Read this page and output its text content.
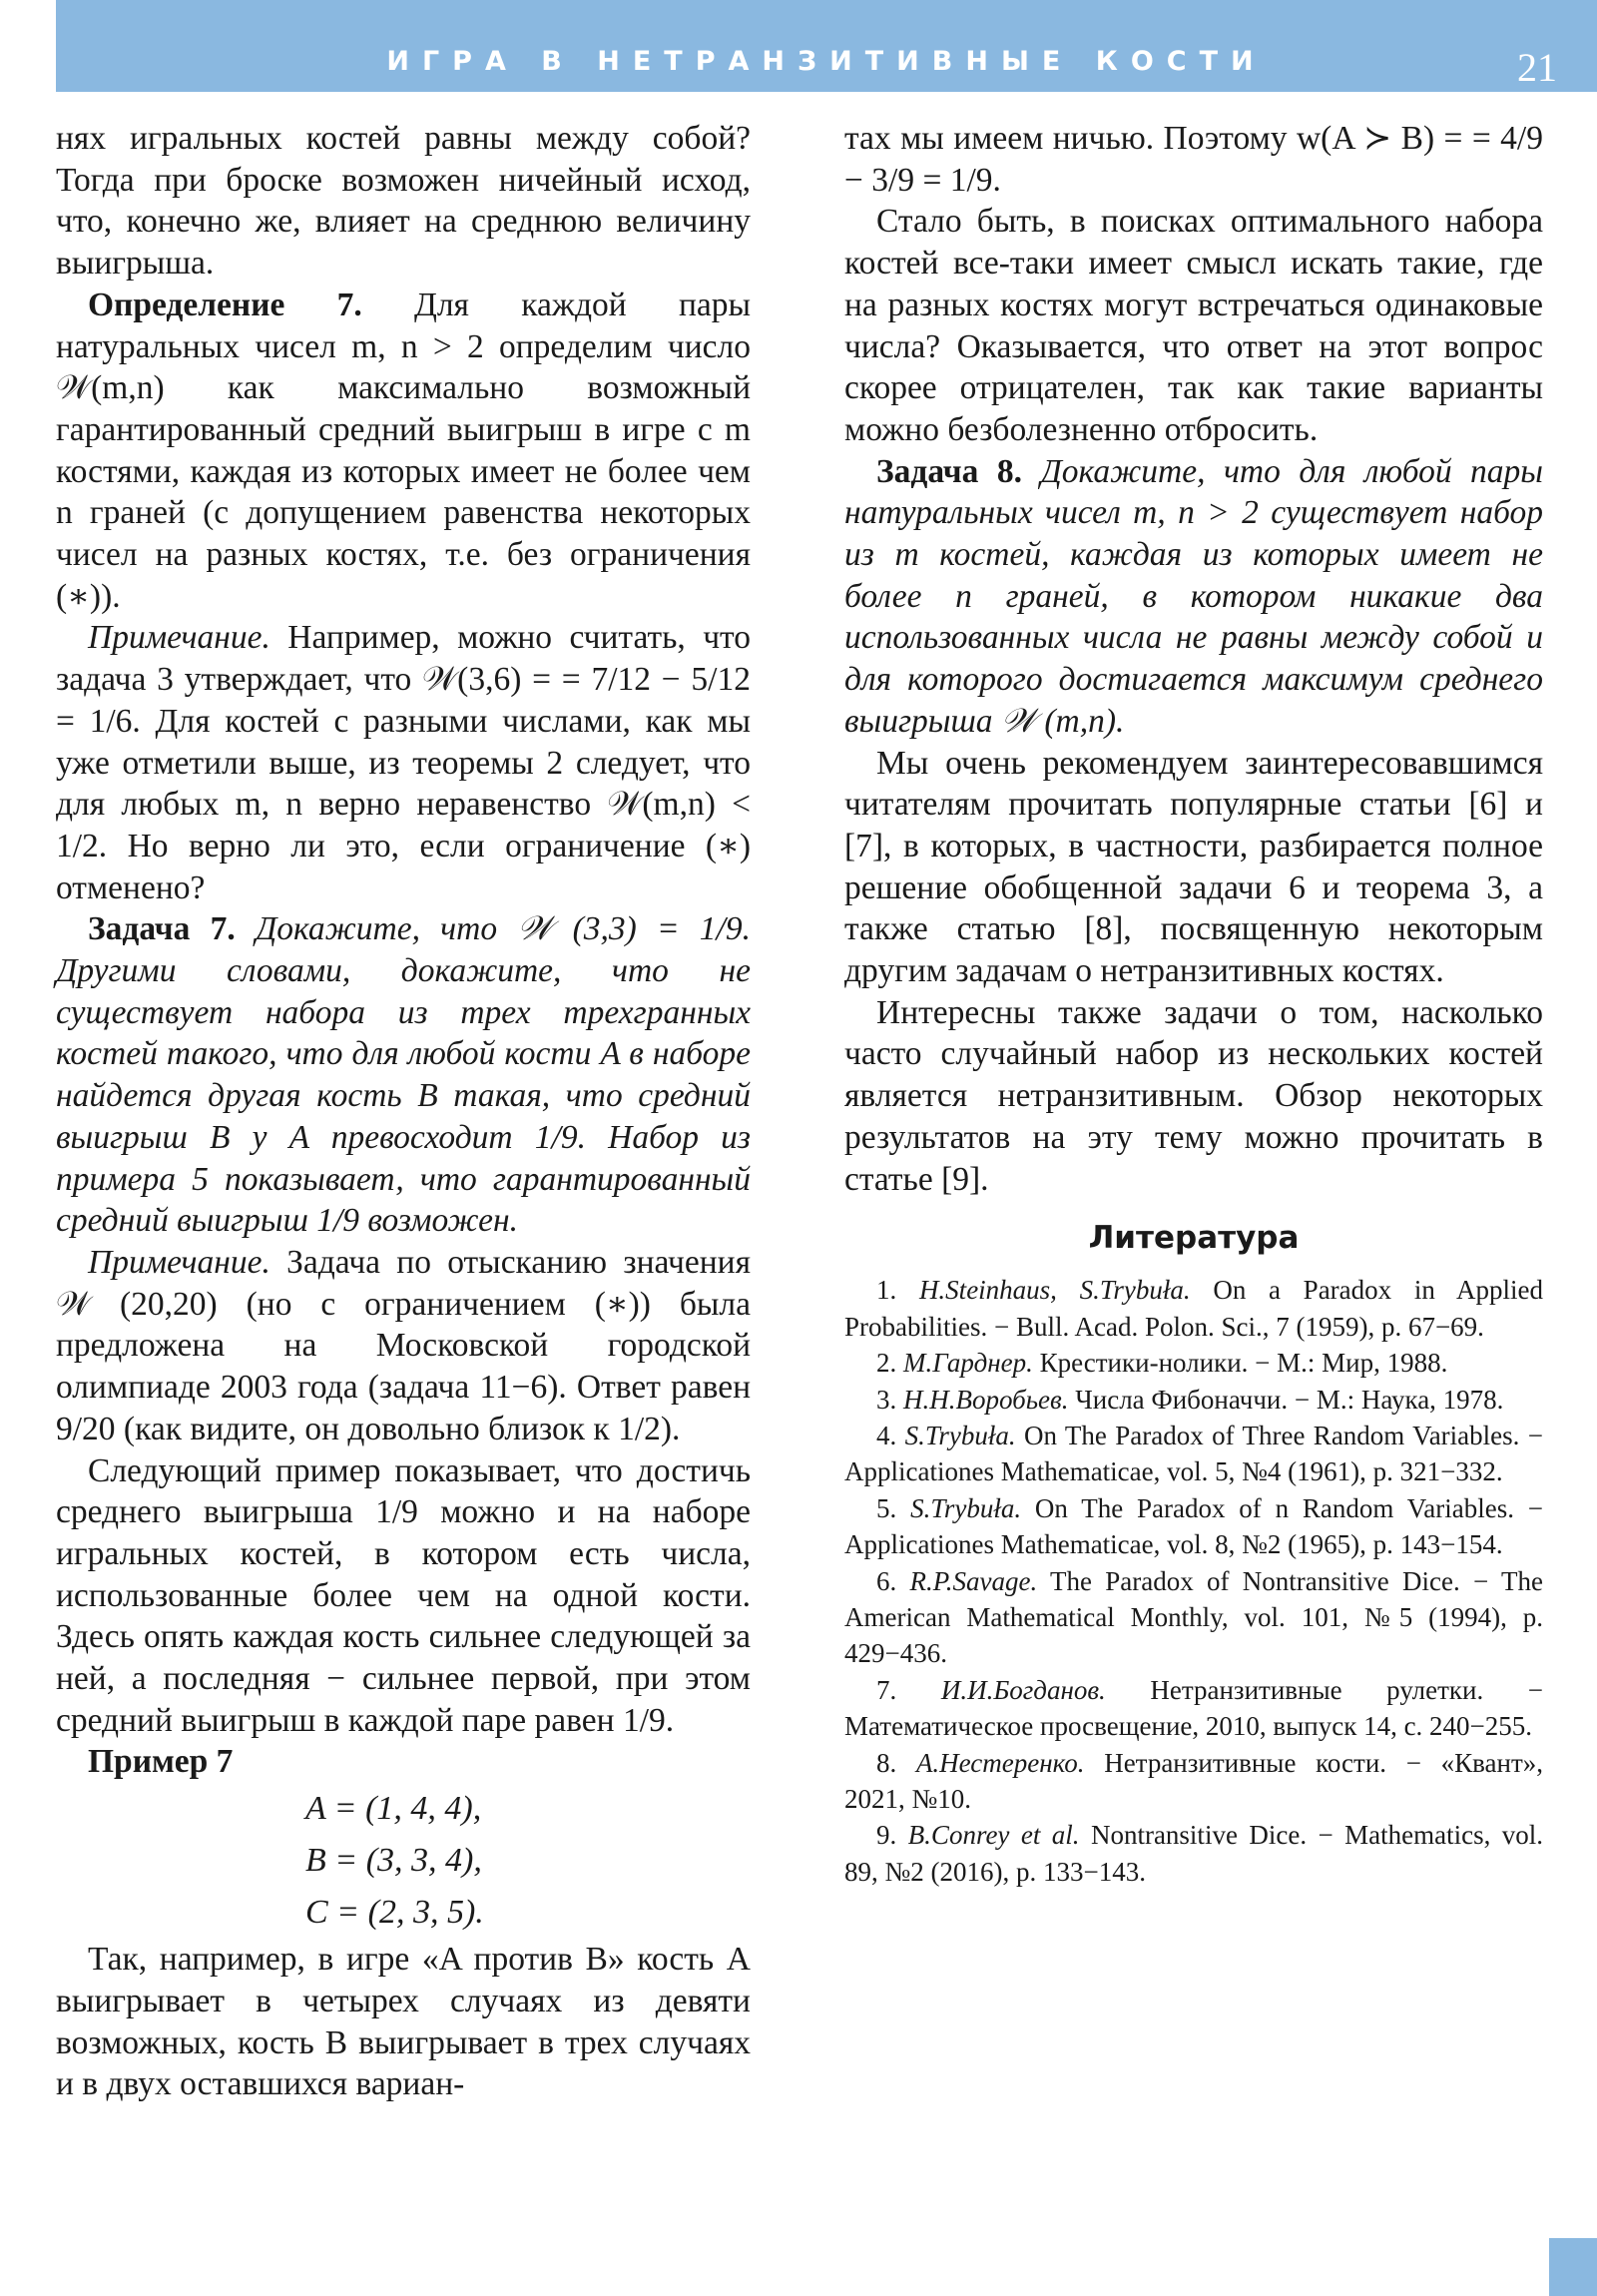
ИГРА В НЕТРАНЗИТИВНЫЕ КОСТИ	21

нях игральных костей равны между собой? Тогда при броске возможен ничейный исход, что, конечно же, влияет на среднюю величину выигрыша.

Определение 7. Для каждой пары натуральных чисел m, n > 2 определим число 𝒲(m,n) как максимально возможный гарантированный средний выигрыш в игре с m костями, каждая из которых имеет не более чем n граней (с допущением равенства некоторых чисел на разных костях, т.е. без ограничения (∗)).

Примечание. Например, можно считать, что задача 3 утверждает, что 𝒲(3,6) = = 7/12 − 5/12 = 1/6. Для костей с разными числами, как мы уже отметили выше, из теоремы 2 следует, что для любых m, n верно неравенство 𝒲(m,n) < 1/2. Но верно ли это, если ограничение (∗) отменено?

Задача 7. Докажите, что 𝒲 (3,3) = 1/9. Другими словами, докажите, что не существует набора из трех трехгранных костей такого, что для любой кости A в наборе найдется другая кость B такая, что средний выигрыш B у A превосходит 1/9. Набор из примера 5 показывает, что гарантированный средний выигрыш 1/9 возможен.

Примечание. Задача по отысканию значения 𝒲 (20,20) (но с ограничением (∗)) была предложена на Московской городской олимпиаде 2003 года (задача 11−6). Ответ равен 9/20 (как видите, он довольно близок к 1/2).

Следующий пример показывает, что достичь среднего выигрыша 1/9 можно и на наборе игральных костей, в котором есть числа, использованные более чем на одной кости. Здесь опять каждая кость сильнее следующей за ней, а последняя − сильнее первой, при этом средний выигрыш в каждой паре равен 1/9.

Пример 7

A = (1, 4, 4),
B = (3, 3, 4),
C = (2, 3, 5).

Так, например, в игре «A против B» кость A выигрывает в четырех случаях из девяти возможных, кость B выигрывает в трех случаях и в двух оставшихся вариан-

тах мы имеем ничью. Поэтому w(A ≻ B) = = 4/9 − 3/9 = 1/9.

Стало быть, в поисках оптимального набора костей все-таки имеет смысл искать такие, где на разных костях могут встречаться одинаковые числа? Оказывается, что ответ на этот вопрос скорее отрицателен, так как такие варианты можно безболезненно отбросить.

Задача 8. Докажите, что для любой пары натуральных чисел m, n > 2 существует набор из m костей, каждая из которых имеет не более n граней, в котором никакие два использованных числа не равны между собой и для которого достигается максимум среднего выигрыша 𝒲 (m,n).

Мы очень рекомендуем заинтересовавшимся читателям прочитать популярные статьи [6] и [7], в которых, в частности, разбирается полное решение обобщенной задачи 6 и теорема 3, а также статью [8], посвященную некоторым другим задачам о нетранзитивных костях.

Интересны также задачи о том, насколько часто случайный набор из нескольких костей является нетранзитивным. Обзор некоторых результатов на эту тему можно прочитать в статье [9].

Литература

1. H.Steinhaus, S.Trybuła. On a Paradox in Applied Probabilities. − Bull. Acad. Polon. Sci., 7 (1959), p. 67−69.

2. М.Гарднер. Крестики-нолики. − М.: Мир, 1988.

3. Н.Н.Воробьев. Числа Фибоначчи. − М.: Наука, 1978.

4. S.Trybuła. On The Paradox of Three Random Variables. − Applicationes Mathematicae, vol. 5, №4 (1961), p. 321−332.

5. S.Trybuła. On The Paradox of n Random Variables. − Applicationes Mathematicae, vol. 8, №2 (1965), p. 143−154.

6. R.P.Savage. The Paradox of Nontransitive Dice. − The American Mathematical Monthly, vol. 101, №5 (1994), p. 429−436.

7. И.И.Богданов. Нетранзитивные рулетки. − Математическое просвещение, 2010, выпуск 14, с. 240−255.

8. А.Нестеренко. Нетранзитивные кости. − «Квант», 2021, №10.

9. B.Conrey et al. Nontransitive Dice. − Mathematics, vol. 89, №2 (2016), p. 133−143.
